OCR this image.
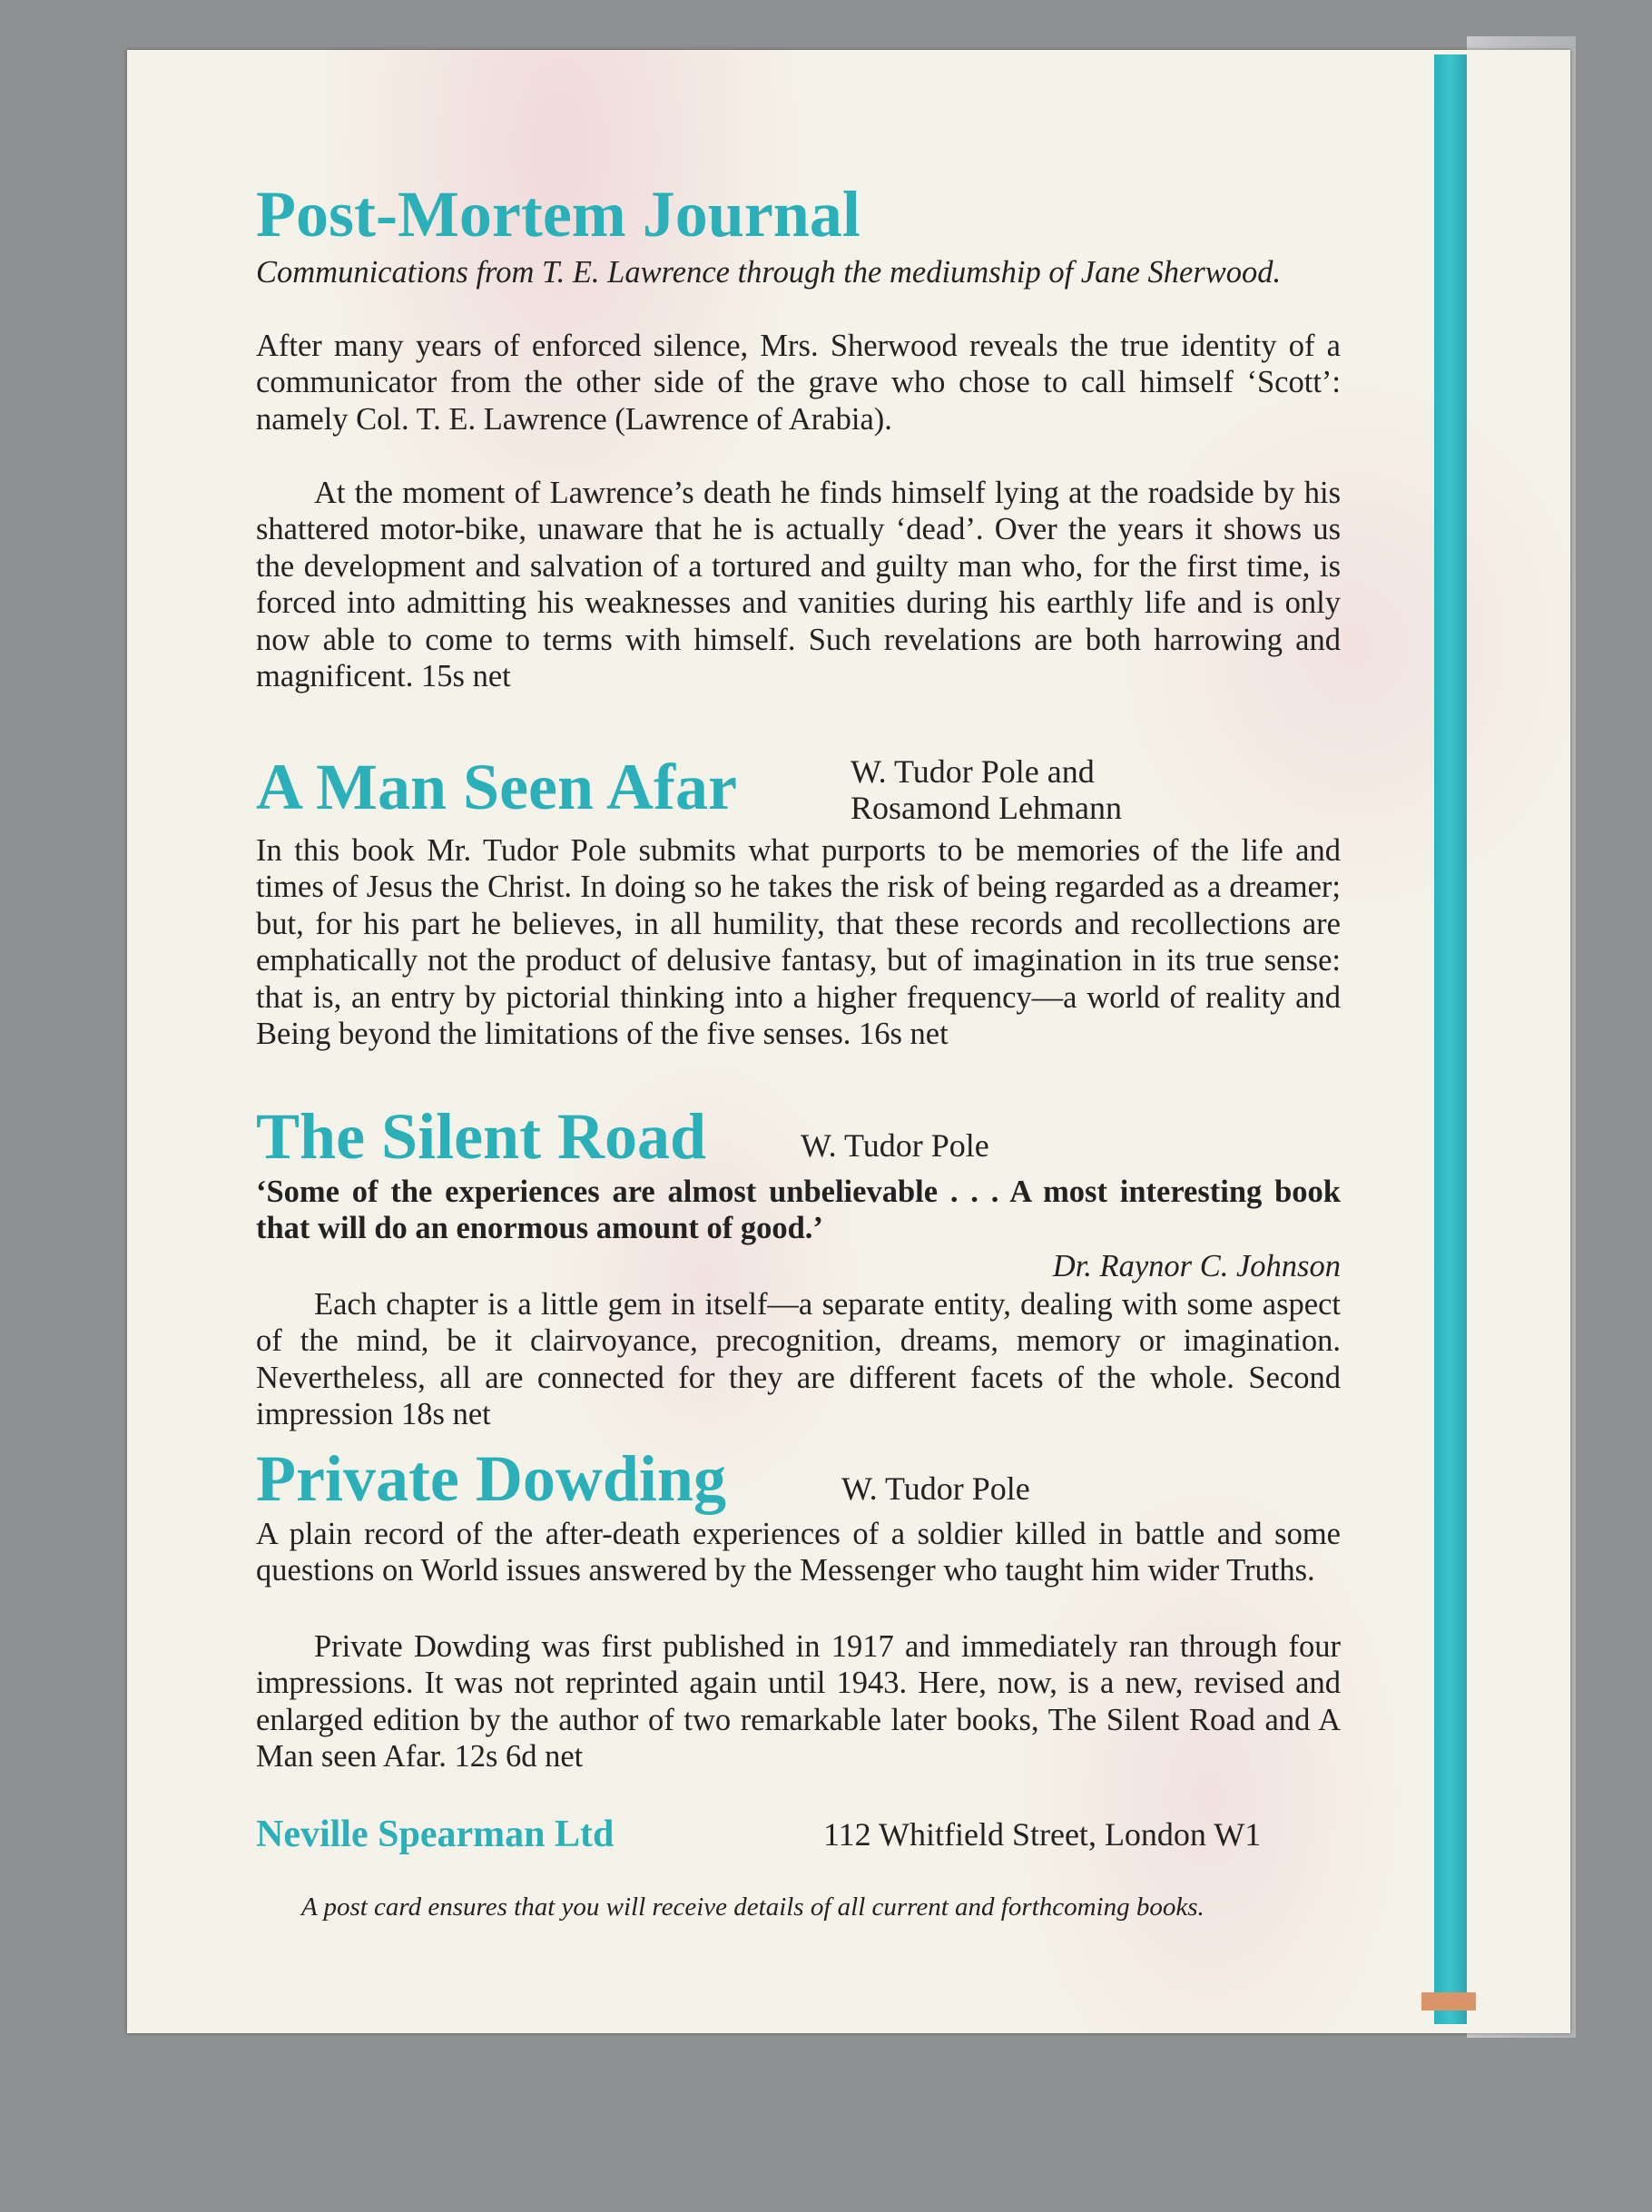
Post-Mortem Journal
Communications from T. E. Lawrence through the mediumship of Jane Sherwood.
After many years of enforced silence, Mrs. Sherwood reveals the true identity of a communicator from the other side of the grave who chose to call himself ‘Scott’: namely Col. T. E. Lawrence (Lawrence of Arabia).
At the moment of Lawrence’s death he finds himself lying at the roadside by his shattered motor-bike, unaware that he is actually ‘dead’. Over the years it shows us the development and salvation of a tortured and guilty man who, for the first time, is forced into admitting his weaknesses and vanities during his earthly life and is only now able to come to terms with himself. Such revelations are both harrowing and magnificent. 15s net
A Man Seen Afar	W. Tudor Pole and
Rosamond Lehmann
In this book Mr. Tudor Pole submits what purports to be memories of the life and times of Jesus the Christ. In doing so he takes the risk of being regarded as a dreamer; but, for his part he believes, in all humility, that these records and recollections are emphatically not the product of delusive fantasy, but of imagination in its true sense: that is, an entry by pictorial thinking into a higher frequency—a world of reality and Being beyond the limitations of the five senses. 16s net
The Silent Road	W. Tudor Pole
‘Some of the experiences are almost unbelievable . . . A most interesting book that will do an enormous amount of good.’
Dr. Raynor C. Johnson
Each chapter is a little gem in itself—a separate entity, dealing with some aspect of the mind, be it clairvoyance, precognition, dreams, memory or imagination. Nevertheless, all are connected for they are different facets of the whole. Second impression 18s net
Private Dowding	W. Tudor Pole
A plain record of the after-death experiences of a soldier killed in battle and some questions on World issues answered by the Messenger who taught him wider Truths.
Private Dowding was first published in 1917 and immediately ran through four impressions. It was not reprinted again until 1943. Here, now, is a new, revised and enlarged edition by the author of two remarkable later books, The Silent Road and A Man seen Afar. 12s 6d net
Neville Spearman Ltd	112 Whitfield Street, London W1
A post card ensures that you will receive details of all current and forthcoming books.
